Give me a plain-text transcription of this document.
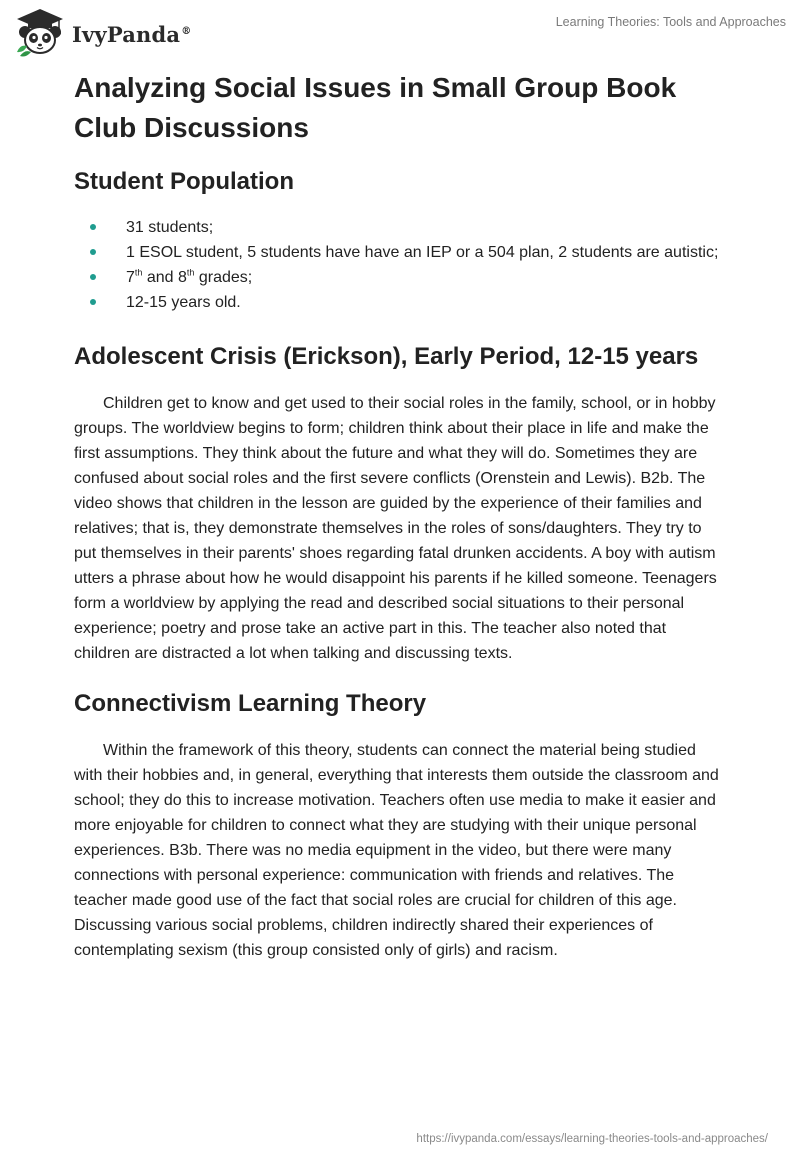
IvyPanda®
Learning Theories: Tools and Approaches
Analyzing Social Issues in Small Group Book Club Discussions
Student Population
31 students;
1 ESOL student, 5 students have have an IEP or a 504 plan, 2 students are autistic;
7th and 8th grades;
12-15 years old.
Adolescent Crisis (Erickson), Early Period, 12-15 years

Children get to know and get used to their social roles in the family, school, or in hobby groups. The worldview begins to form; children think about their place in life and make the first assumptions. They think about the future and what they will do. Sometimes they are confused about social roles and the first severe conflicts (Orenstein and Lewis). B2b. The video shows that children in the lesson are guided by the experience of their families and relatives; that is, they demonstrate themselves in the roles of sons/daughters. They try to put themselves in their parents' shoes regarding fatal drunken accidents. A boy with autism utters a phrase about how he would disappoint his parents if he killed someone. Teenagers form a worldview by applying the read and described social situations to their personal experience; poetry and prose take an active part in this. The teacher also noted that children are distracted a lot when talking and discussing texts.

Connectivism Learning Theory

Within the framework of this theory, students can connect the material being studied with their hobbies and, in general, everything that interests them outside the classroom and school; they do this to increase motivation. Teachers often use media to make it easier and more enjoyable for children to connect what they are studying with their unique personal experiences. B3b. There was no media equipment in the video, but there were many connections with personal experience: communication with friends and relatives. The teacher made good use of the fact that social roles are crucial for children of this age. Discussing various social problems, children indirectly shared their experiences of contemplating sexism (this group consisted only of girls) and racism.

https://ivypanda.com/essays/learning-theories-tools-and-approaches/
